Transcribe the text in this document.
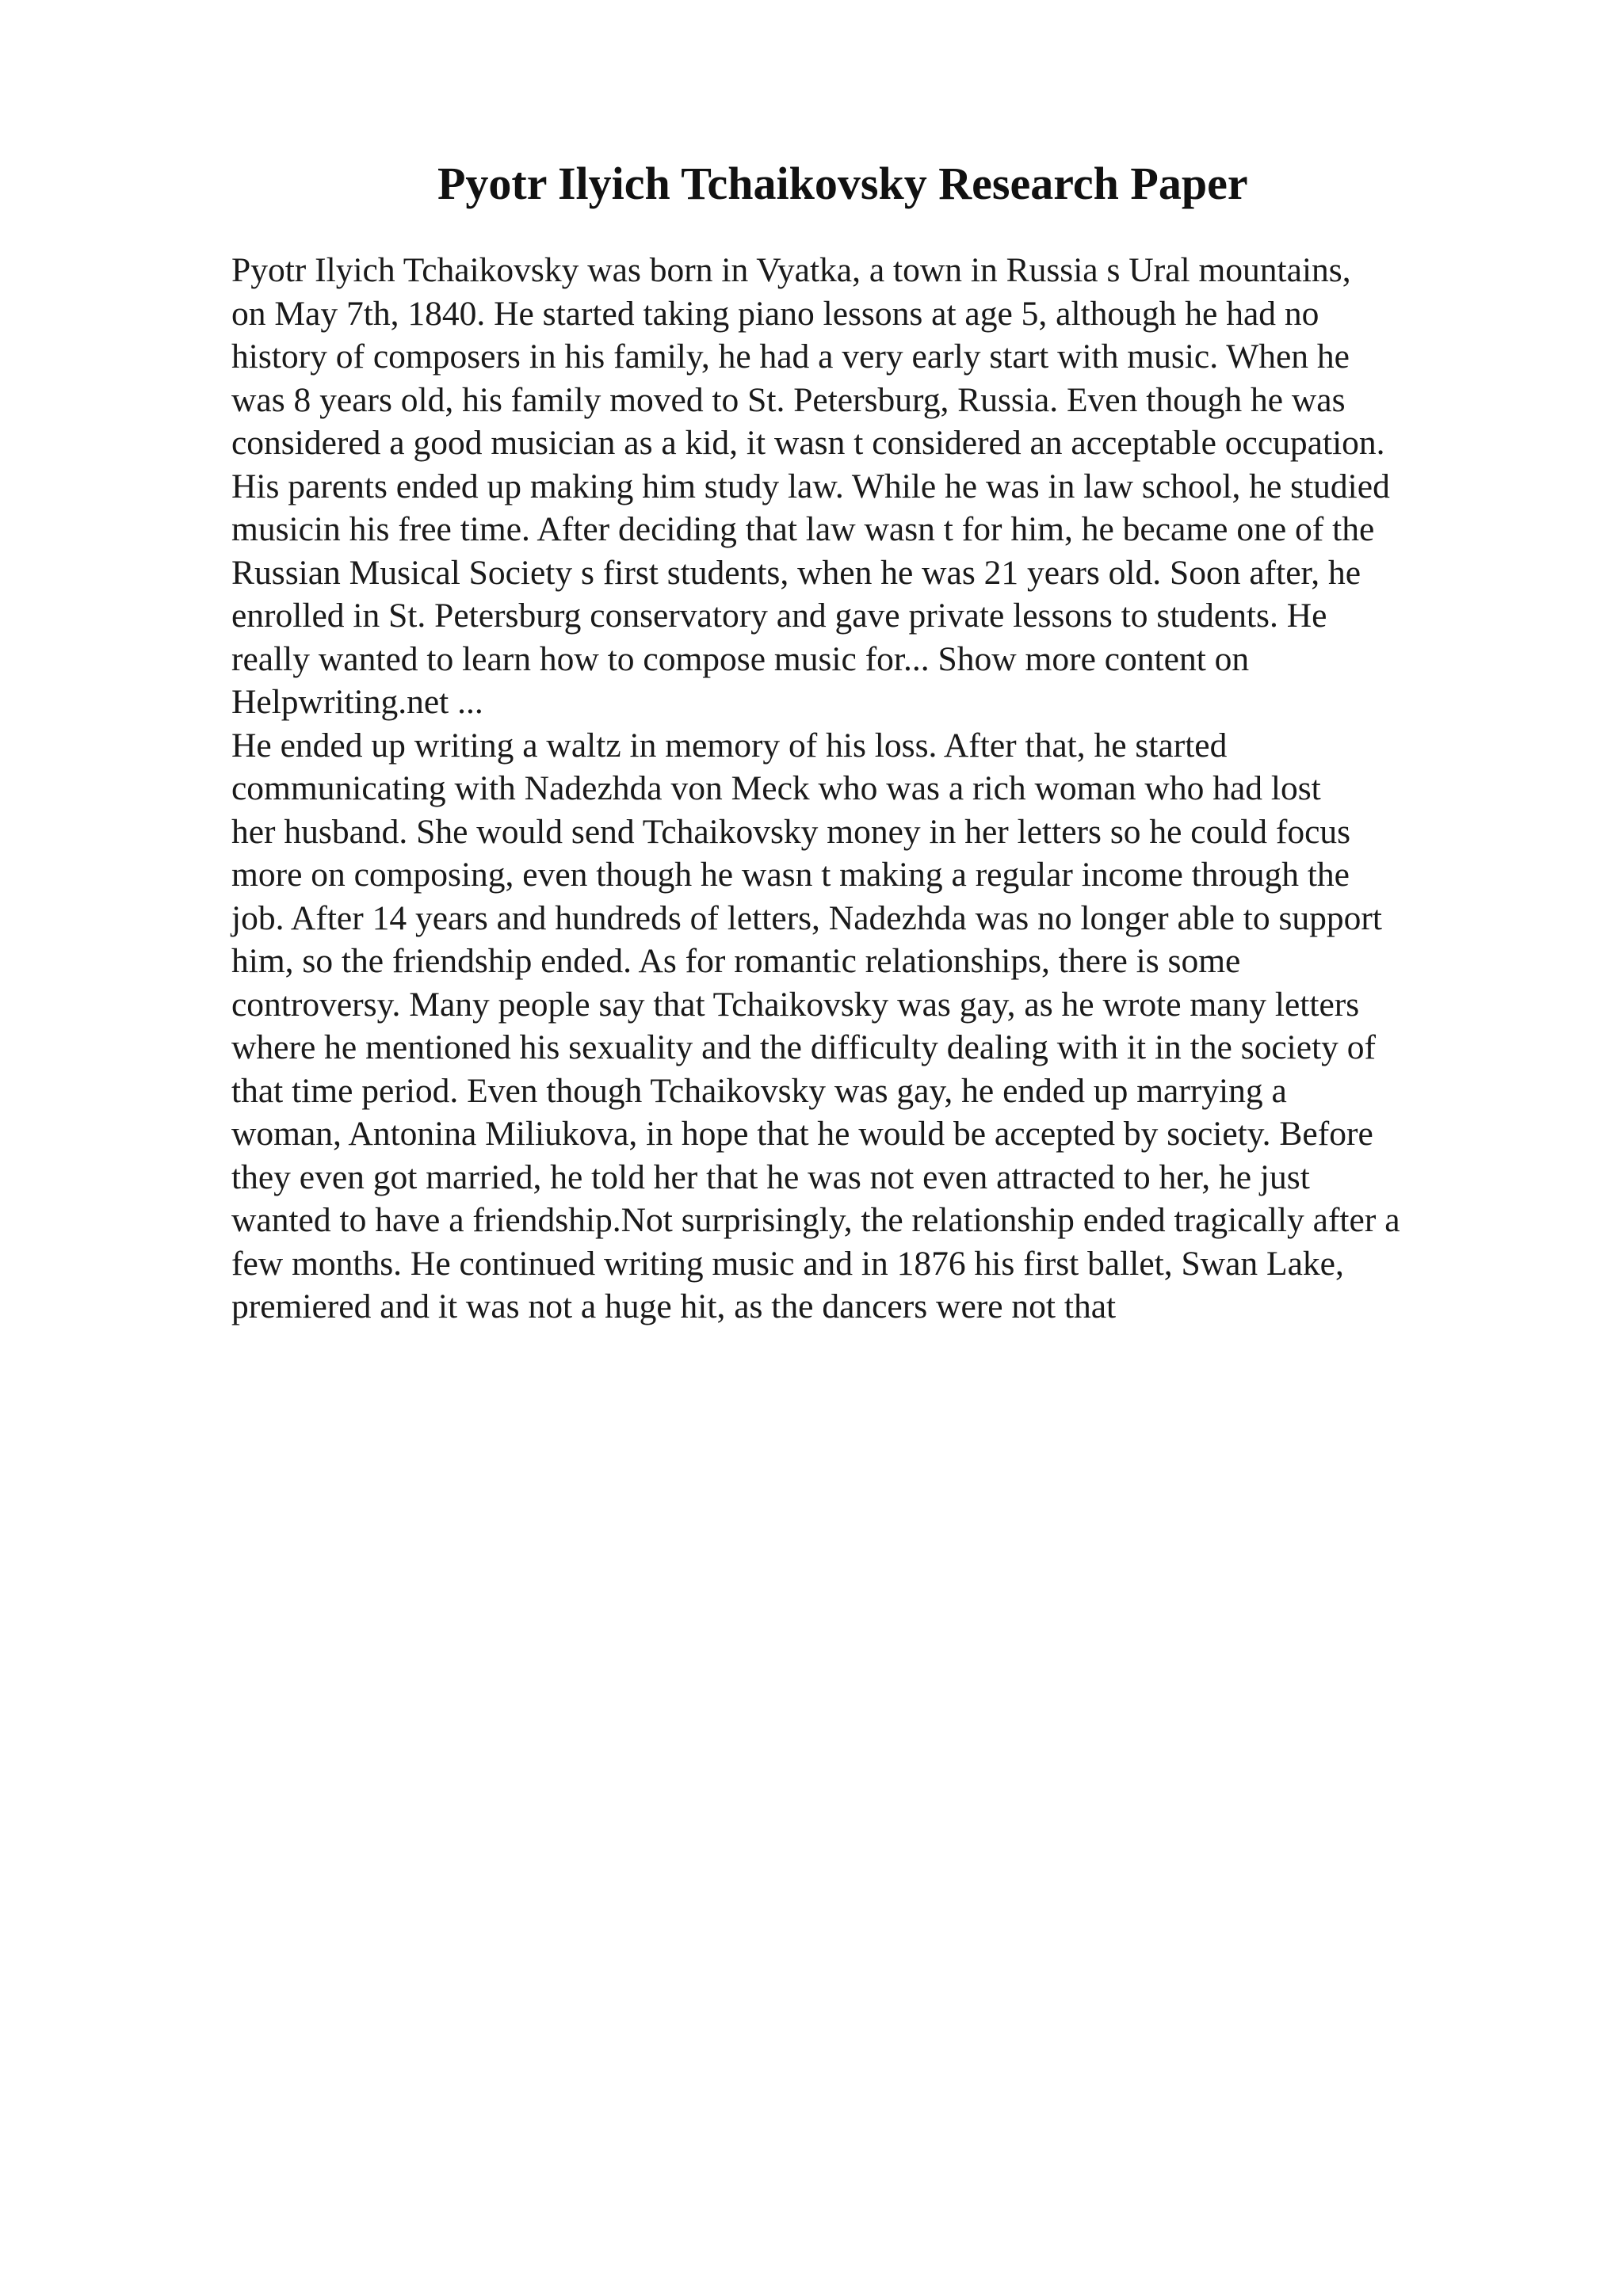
Pyotr Ilyich Tchaikovsky Research Paper
Pyotr Ilyich Tchaikovsky was born in Vyatka, a town in Russia s Ural mountains,
on May 7th, 1840. He started taking piano lessons at age 5, although he had no
history of composers in his family, he had a very early start with music. When he
was 8 years old, his family moved to St. Petersburg, Russia. Even though he was
considered a good musician as a kid, it wasn t considered an acceptable occupation.
His parents ended up making him study law. While he was in law school, he studied
musicin his free time. After deciding that law wasn t for him, he became one of the
Russian Musical Society s first students, when he was 21 years old. Soon after, he
enrolled in St. Petersburg conservatory and gave private lessons to students. He
really wanted to learn how to compose music for... Show more content on
Helpwriting.net ...
He ended up writing a waltz in memory of his loss. After that, he started
communicating with Nadezhda von Meck who was a rich woman who had lost
her husband. She would send Tchaikovsky money in her letters so he could focus
more on composing, even though he wasn t making a regular income through the
job. After 14 years and hundreds of letters, Nadezhda was no longer able to support
him, so the friendship ended. As for romantic relationships, there is some
controversy. Many people say that Tchaikovsky was gay, as he wrote many letters
where he mentioned his sexuality and the difficulty dealing with it in the society of
that time period. Even though Tchaikovsky was gay, he ended up marrying a
woman, Antonina Miliukova, in hope that he would be accepted by society. Before
they even got married, he told her that he was not even attracted to her, he just
wanted to have a friendship.Not surprisingly, the relationship ended tragically after a
few months. He continued writing music and in 1876 his first ballet, Swan Lake,
premiered and it was not a huge hit, as the dancers were not that
